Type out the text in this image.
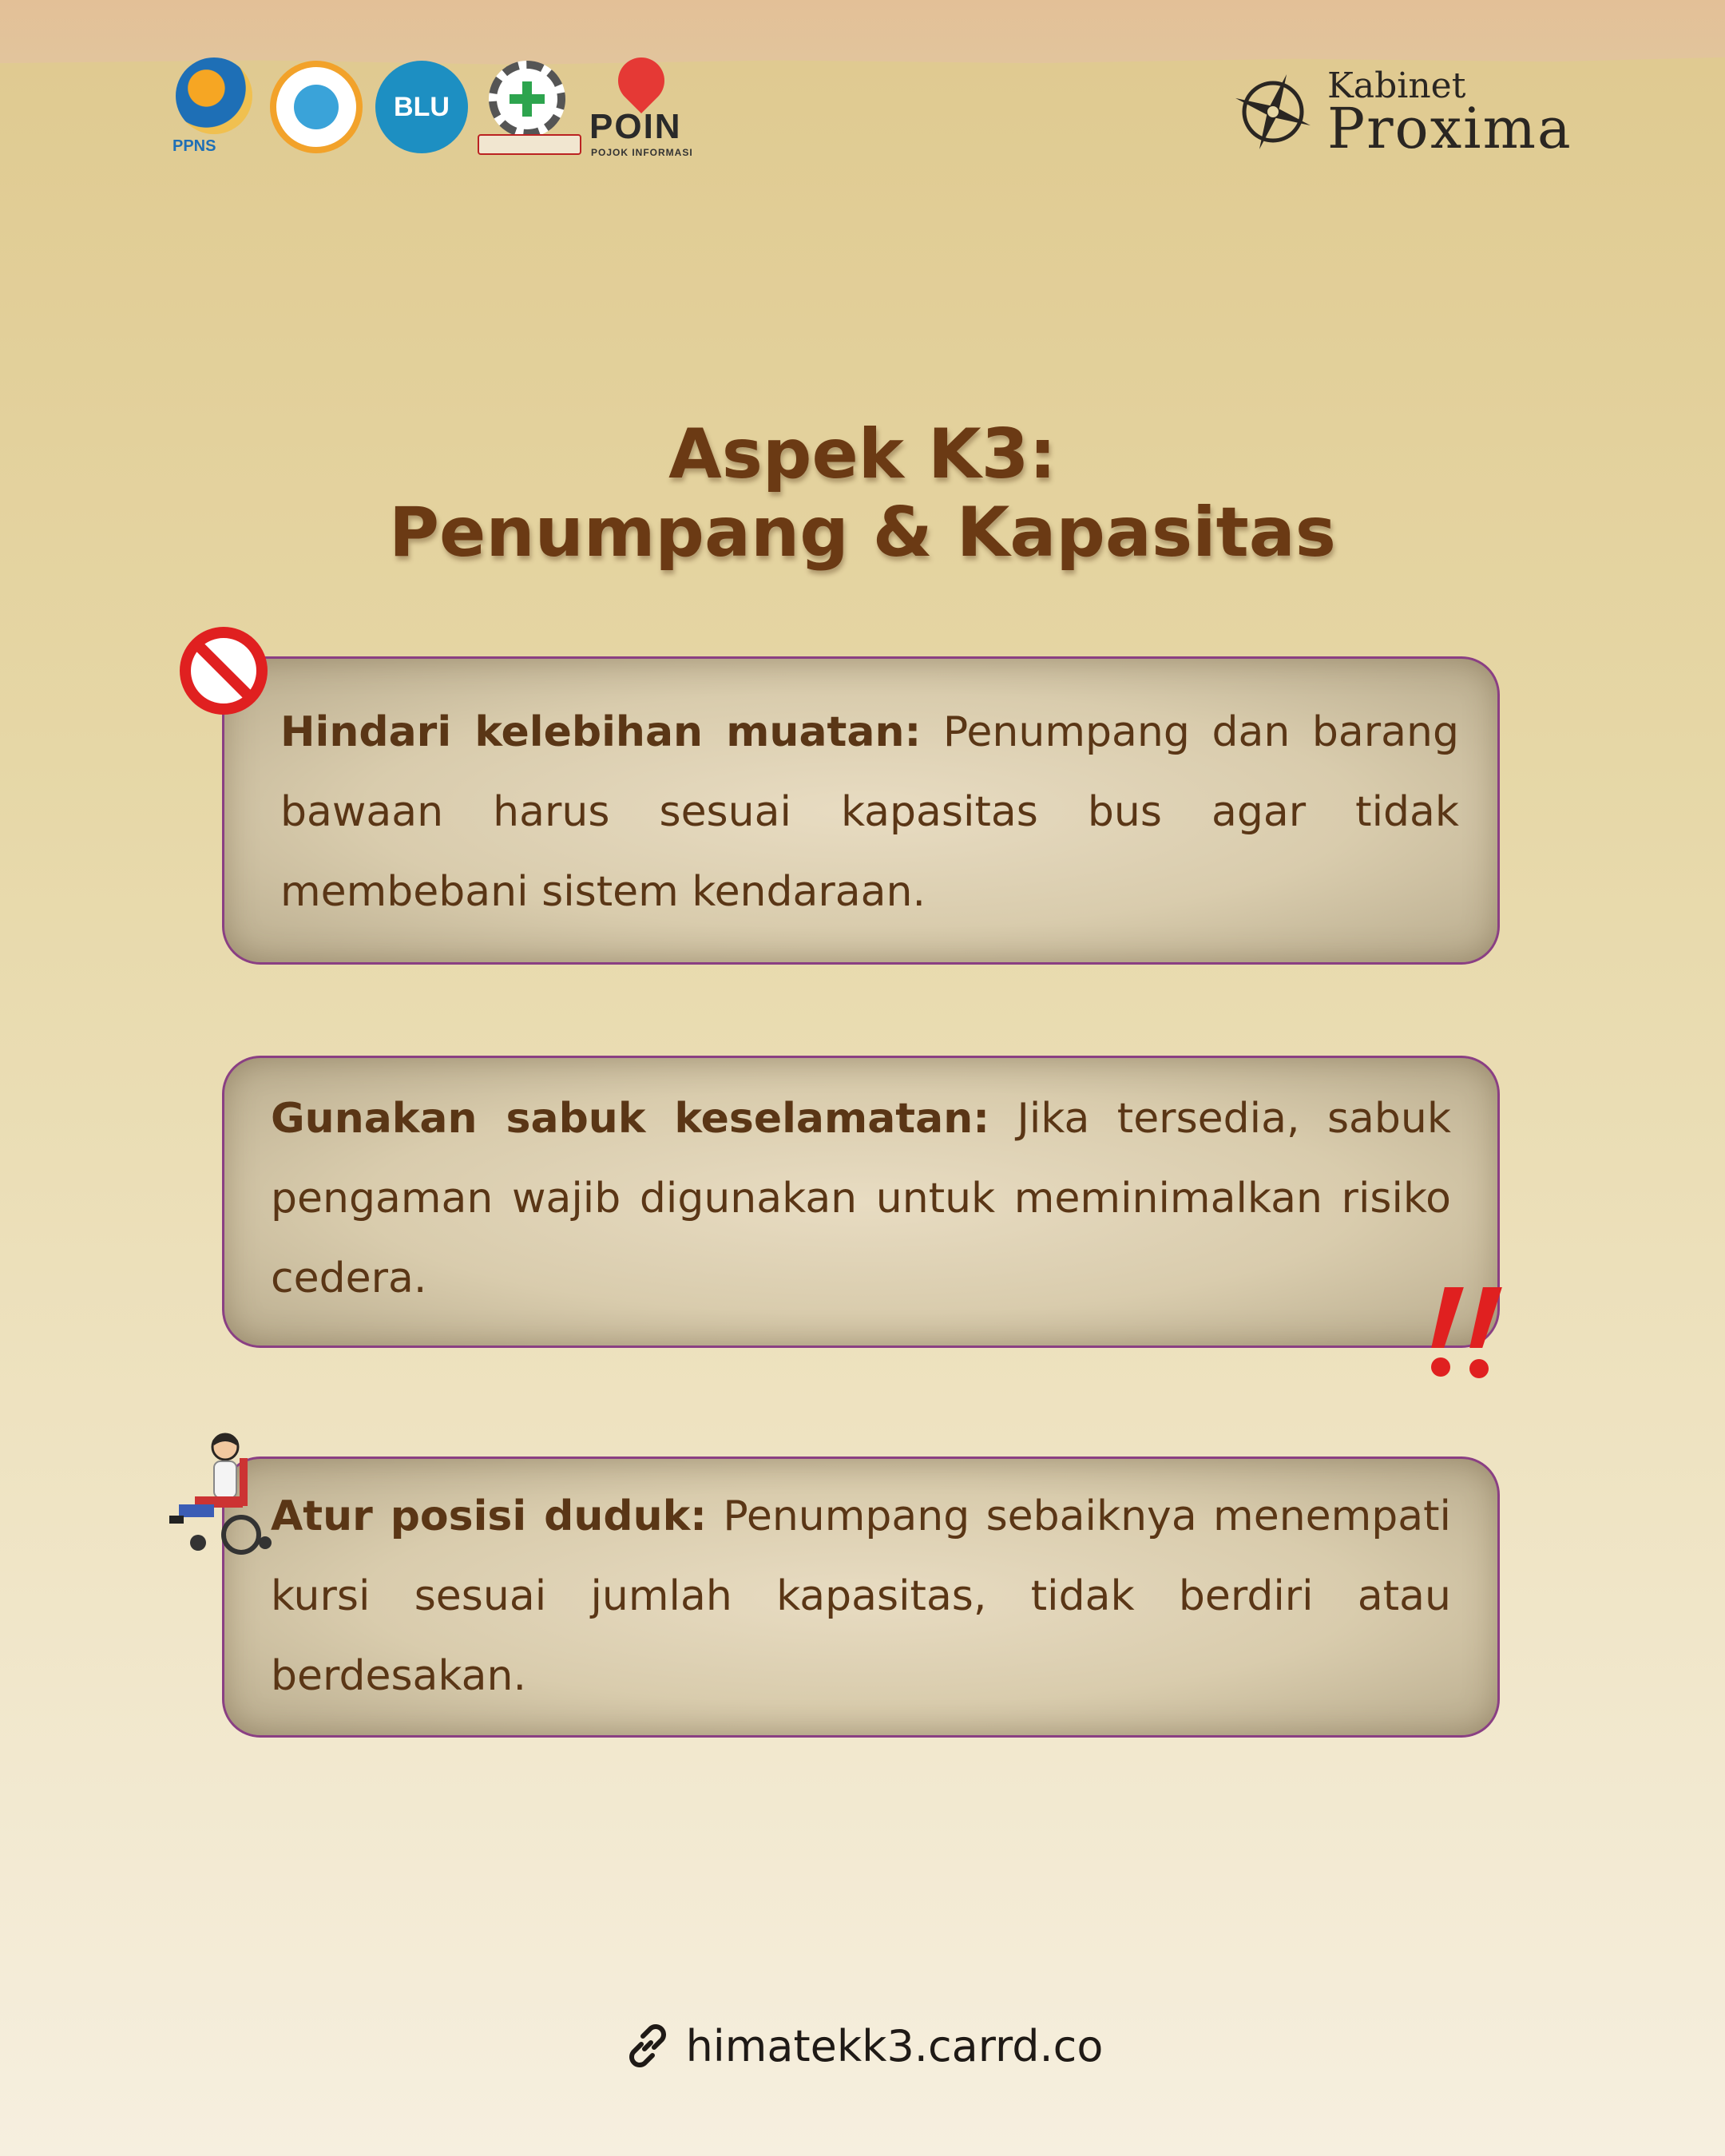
PPNS
BLU
POIN
POJOK INFORMASI
Kabinet
Proxima
Aspek K3:
Penumpang & Kapasitas

Hindari kelebihan muatan: Penumpang dan barang bawaan harus sesuai kapasitas bus agar tidak membebani sistem kendaraan.

Gunakan sabuk keselamatan: Jika tersedia, sabuk pengaman wajib digunakan untuk meminimalkan risiko cedera.

Atur posisi duduk: Penumpang sebaiknya menempati kursi sesuai jumlah kapasitas, tidak berdiri atau berdesakan.

himatekk3.carrd.co
